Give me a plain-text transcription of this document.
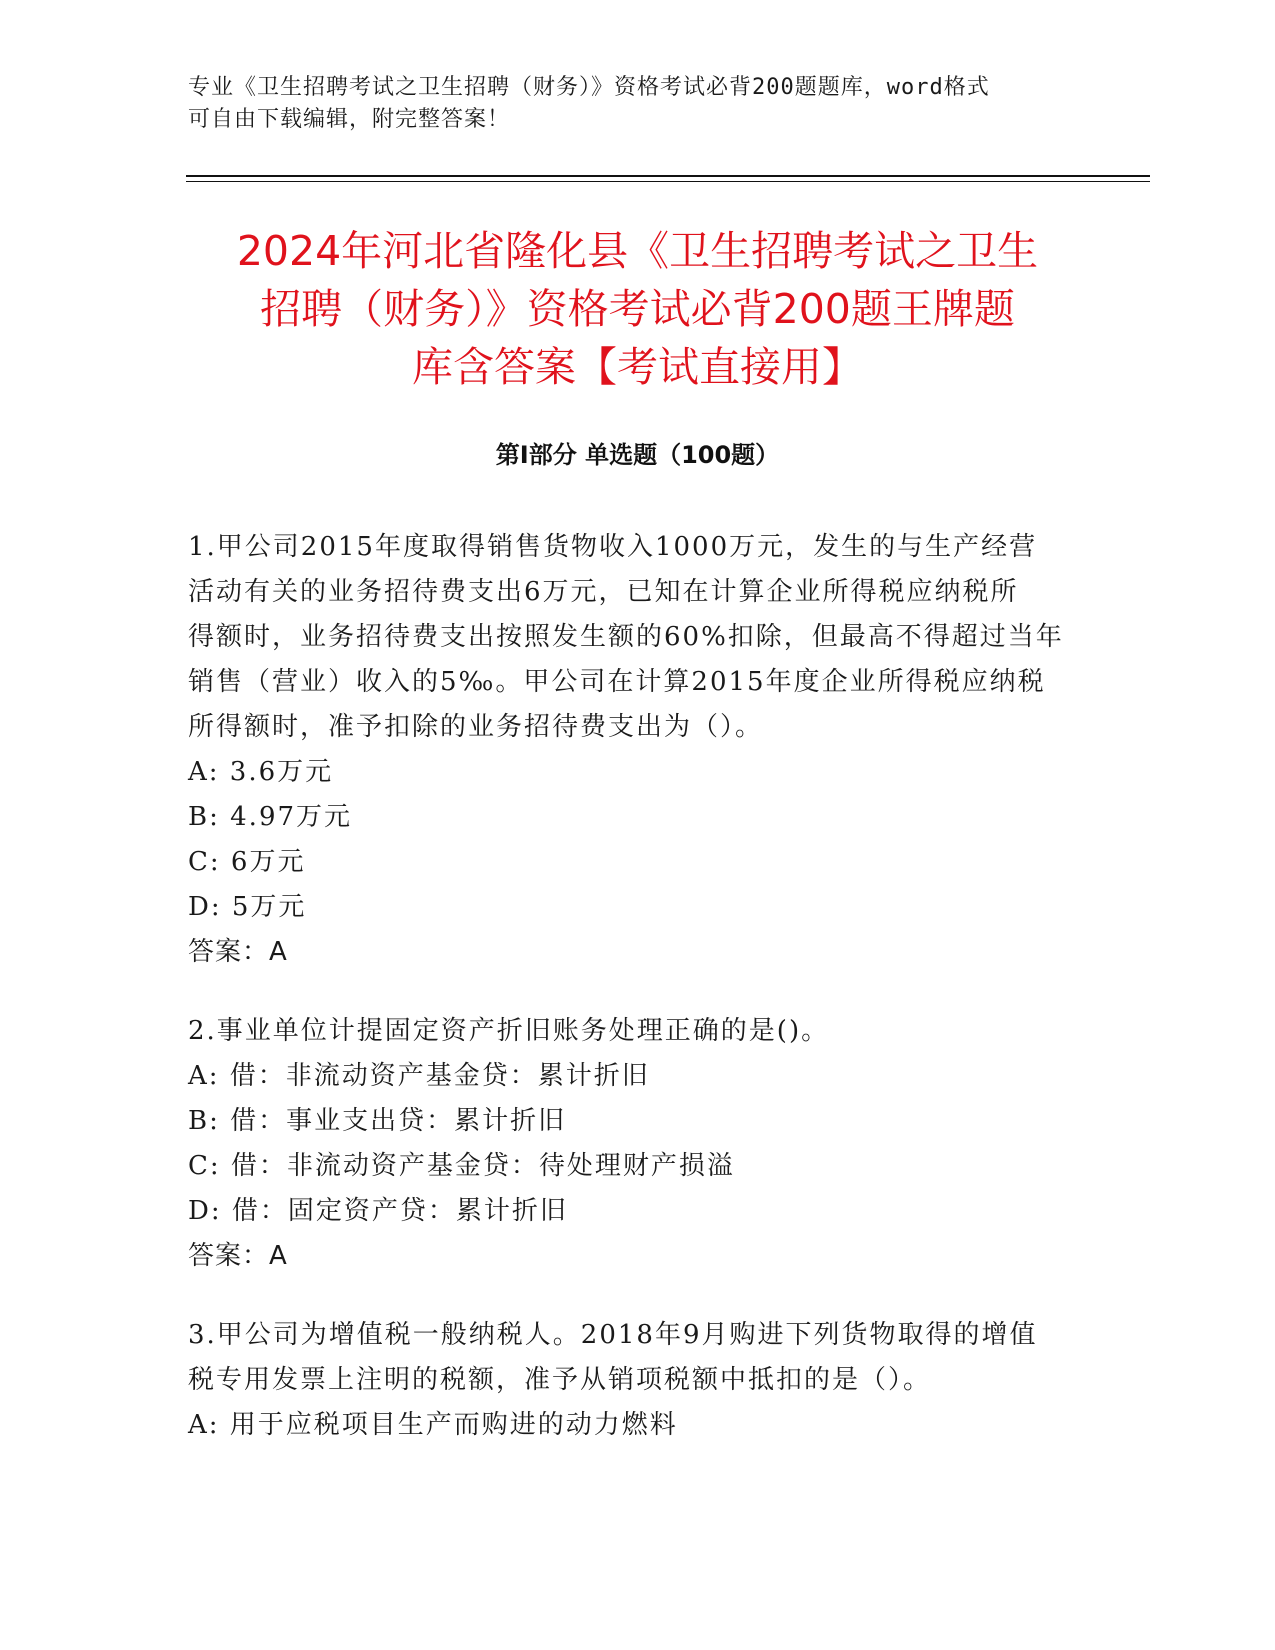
专业《卫生招聘考试之卫生招聘（财务）》资格考试必背200题题库，word格式
可自由下载编辑，附完整答案！
2024年河北省隆化县《卫生招聘考试之卫生
招聘（财务）》资格考试必背200题王牌题
库含答案【考试直接用】
第Ⅰ部分 单选题（100题）

1.甲公司2015年度取得销售货物收入1000万元，发生的与生产经营
活动有关的业务招待费支出6万元，已知在计算企业所得税应纳税所
得额时，业务招待费支出按照发生额的60%扣除，但最高不得超过当年
销售（营业）收入的5‰。甲公司在计算2015年度企业所得税应纳税
所得额时，准予扣除的业务招待费支出为（）。

A: 3.6万元

B: 4.97万元

C: 6万元

D: 5万元

答案：A

2.事业单位计提固定资产折旧账务处理正确的是()。

A: 借：非流动资产基金贷：累计折旧

B: 借：事业支出贷：累计折旧

C: 借：非流动资产基金贷：待处理财产损溢

D: 借：固定资产贷：累计折旧

答案：A

3.甲公司为增值税一般纳税人。2018年9月购进下列货物取得的增值
税专用发票上注明的税额，准予从销项税额中抵扣的是（）。

A: 用于应税项目生产而购进的动力燃料
